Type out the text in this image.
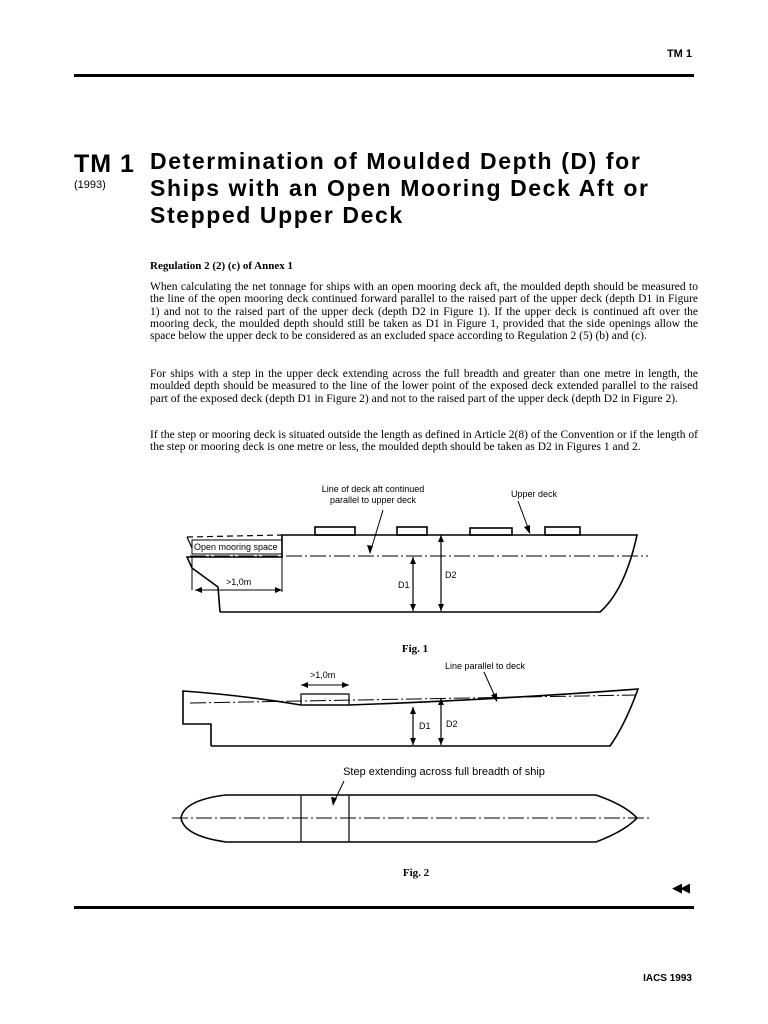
TM 1
TM 1
(1993)
Determination of Moulded Depth (D) for Ships with an Open Mooring Deck Aft or Stepped Upper Deck
Regulation 2 (2) (c) of Annex 1

When calculating the net tonnage for ships with an open mooring deck aft, the moulded depth should be measured to the line of the open mooring deck continued forward parallel to the raised part of the upper deck (depth D1 in Figure 1) and not to the raised part of the upper deck (depth D2 in Figure 1). If the upper deck is continued aft over the mooring deck, the moulded depth should still be taken as D1 in Figure 1, provided that the side openings allow the space below the upper deck to be considered as an excluded space according to Regulation 2 (5) (b) and (c).

For ships with a step in the upper deck extending across the full breadth and greater than one metre in length, the moulded depth should be measured to the line of the lower point of the exposed deck extended parallel to the raised part of the exposed deck (depth D1 in Figure 2) and not to the raised part of the upper deck (depth D2 in Figure 2).

If the step or mooring deck is situated outside the length as defined in Article 2(8) of the Convention or if the length of the step or mooring deck is one metre or less, the moulded depth should be taken as D2 in Figures 1 and 2.

Line of deck aft continued
parallel to upper deck
Upper deck
Open mooring space
>1,0m	D1
D2
Fig. 1
>1,0m
Line parallel to deck
D1 D2
Step extending across full breadth of ship
Fig. 2
◀◀
IACS 1993
